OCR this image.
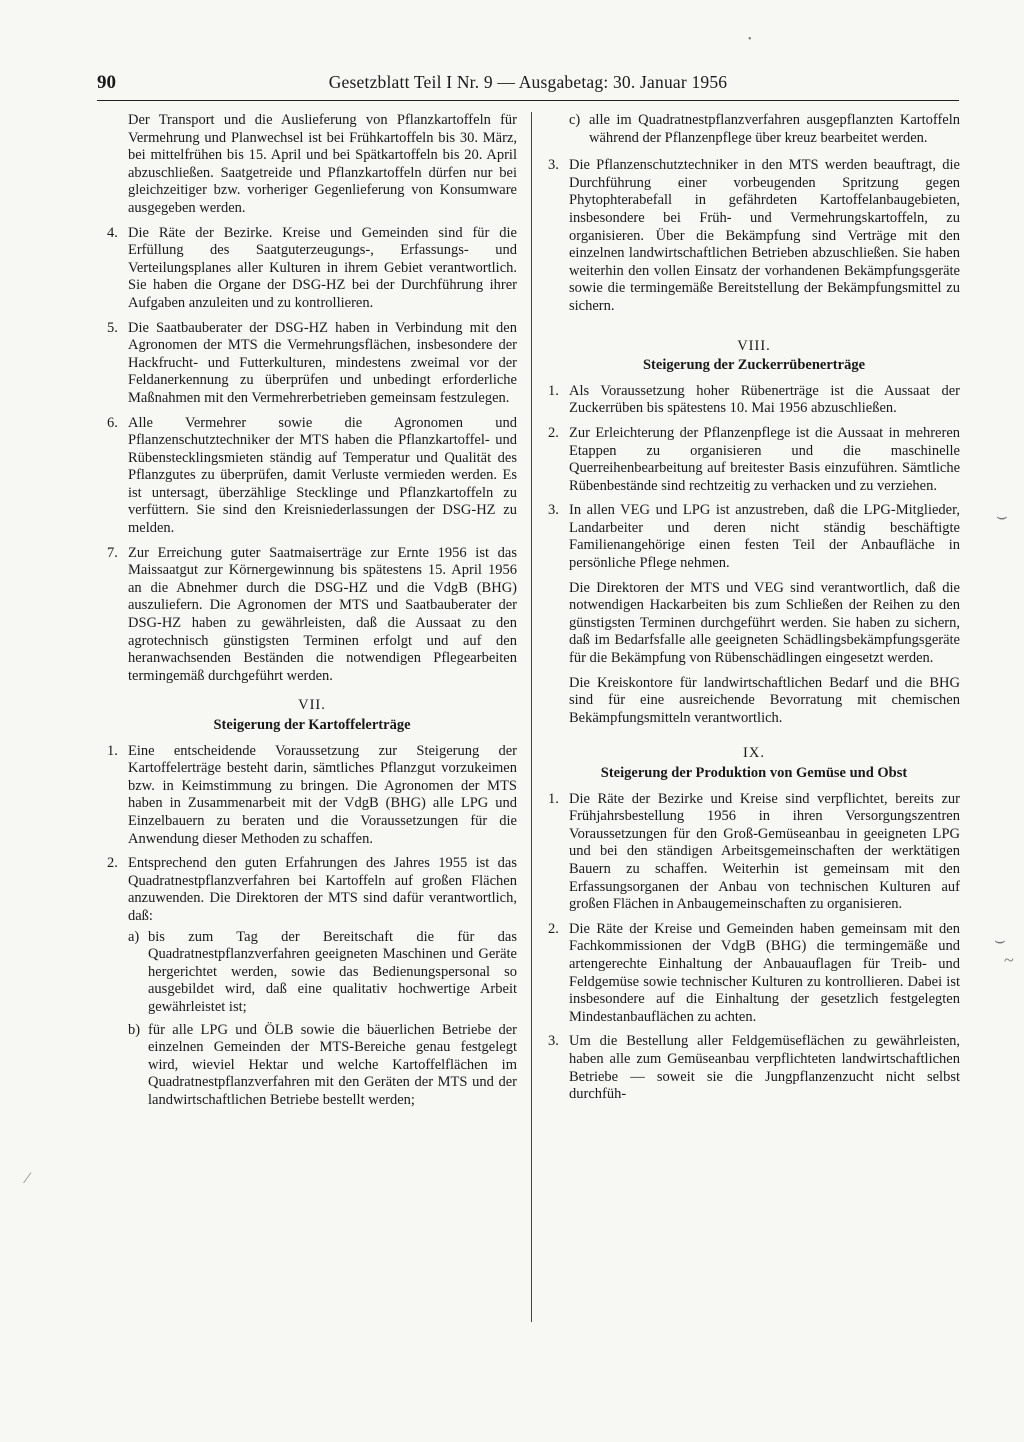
90	Gesetzblatt Teil I Nr. 9 — Ausgabetag: 30. Januar 1956
•
⌣
⌣
~
∕
Der Transport und die Auslieferung von Pflanzkartoffeln für Vermehrung und Planwechsel ist bei Frühkartoffeln bis 30. März, bei mittelfrühen bis 15. April und bei Spätkartoffeln bis 20. April abzuschließen. Saatgetreide und Pflanzkartoffeln dürfen nur bei gleichzeitiger bzw. vorheriger Gegenlieferung von Konsumware ausgegeben werden.
4. Die Räte der Bezirke. Kreise und Gemeinden sind für die Erfüllung des Saatguterzeugungs-, Erfassungs- und Verteilungsplanes aller Kulturen in ihrem Gebiet verantwortlich. Sie haben die Organe der DSG-HZ bei der Durchführung ihrer Aufgaben anzuleiten und zu kontrollieren.
5. Die Saatbauberater der DSG-HZ haben in Verbindung mit den Agronomen der MTS die Vermehrungsflächen, insbesondere der Hackfrucht- und Futterkulturen, mindestens zweimal vor der Feldanerkennung zu überprüfen und unbedingt erforderliche Maßnahmen mit den Vermehrerbetrieben gemeinsam festzulegen.
6. Alle Vermehrer sowie die Agronomen und Pflanzenschutztechniker der MTS haben die Pflanzkartoffel- und Rübenstecklingsmieten ständig auf Temperatur und Qualität des Pflanzgutes zu überprüfen, damit Verluste vermieden werden. Es ist untersagt, überzählige Stecklinge und Pflanzkartoffeln zu verfüttern. Sie sind den Kreisniederlassungen der DSG-HZ zu melden.
7. Zur Erreichung guter Saatmaiserträge zur Ernte 1956 ist das Maissaatgut zur Körnergewinnung bis spätestens 15. April 1956 an die Abnehmer durch die DSG-HZ und die VdgB (BHG) auszuliefern. Die Agronomen der MTS und Saatbauberater der DSG-HZ haben zu gewährleisten, daß die Aussaat zu den agrotechnisch günstigsten Terminen erfolgt und auf den heranwachsenden Beständen die notwendigen Pflegearbeiten termingemäß durchgeführt werden.
VII.
Steigerung der Kartoffelerträge
1. Eine entscheidende Voraussetzung zur Steigerung der Kartoffelerträge besteht darin, sämtliches Pflanzgut vorzukeimen bzw. in Keimstimmung zu bringen. Die Agronomen der MTS haben in Zusammenarbeit mit der VdgB (BHG) alle LPG und Einzelbauern zu beraten und die Voraussetzungen für die Anwendung dieser Methoden zu schaffen.
2. Entsprechend den guten Erfahrungen des Jahres 1955 ist das Quadratnestpflanzverfahren bei Kartoffeln auf großen Flächen anzuwenden. Die Direktoren der MTS sind dafür verantwortlich, daß:
a) bis zum Tag der Bereitschaft die für das Quadratnestpflanzverfahren geeigneten Maschinen und Geräte hergerichtet werden, sowie das Bedienungspersonal so ausgebildet wird, daß eine qualitativ hochwertige Arbeit gewährleistet ist;
b) für alle LPG und ÖLB sowie die bäuerlichen Betriebe der einzelnen Gemeinden der MTS-Bereiche genau festgelegt wird, wieviel Hektar und welche Kartoffelflächen im Quadratnestpflanzverfahren mit den Geräten der MTS und der landwirtschaftlichen Betriebe bestellt werden;
c) alle im Quadratnestpflanzverfahren ausgepflanzten Kartoffeln während der Pflanzenpflege über kreuz bearbeitet werden.
3. Die Pflanzenschutztechniker in den MTS werden beauftragt, die Durchführung einer vorbeugenden Spritzung gegen Phytophterabefall in gefährdeten Kartoffelanbaugebieten, insbesondere bei Früh- und Vermehrungskartoffeln, zu organisieren. Über die Bekämpfung sind Verträge mit den einzelnen landwirtschaftlichen Betrieben abzuschließen. Sie haben weiterhin den vollen Einsatz der vorhandenen Bekämpfungsgeräte sowie die termingemäße Bereitstellung der Bekämpfungsmittel zu sichern.
VIII.
Steigerung der Zuckerrübenerträge
1. Als Voraussetzung hoher Rübenerträge ist die Aussaat der Zuckerrüben bis spätestens 10. Mai 1956 abzuschließen.
2. Zur Erleichterung der Pflanzenpflege ist die Aussaat in mehreren Etappen zu organisieren und die maschinelle Querreihenbearbeitung auf breitester Basis einzuführen. Sämtliche Rübenbestände sind rechtzeitig zu verhacken und zu verziehen.
3. In allen VEG und LPG ist anzustreben, daß die LPG-Mitglieder, Landarbeiter und deren nicht ständig beschäftigte Familienangehörige einen festen Teil der Anbaufläche in persönliche Pflege nehmen.
Die Direktoren der MTS und VEG sind verantwortlich, daß die notwendigen Hackarbeiten bis zum Schließen der Reihen zu den günstigsten Terminen durchgeführt werden. Sie haben zu sichern, daß im Bedarfsfalle alle geeigneten Schädlingsbekämpfungsgeräte für die Bekämpfung von Rübenschädlingen eingesetzt werden.
Die Kreiskontore für landwirtschaftlichen Bedarf und die BHG sind für eine ausreichende Bevorratung mit chemischen Bekämpfungsmitteln verantwortlich.
IX.
Steigerung der Produktion von Gemüse und Obst
1. Die Räte der Bezirke und Kreise sind verpflichtet, bereits zur Frühjahrsbestellung 1956 in ihren Versorgungszentren Voraussetzungen für den Groß-Gemüseanbau in geeigneten LPG und bei den ständigen Arbeitsgemeinschaften der werktätigen Bauern zu schaffen. Weiterhin ist gemeinsam mit den Erfassungsorganen der Anbau von technischen Kulturen auf großen Flächen in Anbaugemeinschaften zu organisieren.
2. Die Räte der Kreise und Gemeinden haben gemeinsam mit den Fachkommissionen der VdgB (BHG) die termingemäße und artengerechte Einhaltung der Anbauauflagen für Treib- und Feldgemüse sowie technischer Kulturen zu kontrollieren. Dabei ist insbesondere auf die Einhaltung der gesetzlich festgelegten Mindestanbauflächen zu achten.
3. Um die Bestellung aller Feldgemüseflächen zu gewährleisten, haben alle zum Gemüseanbau verpflichteten landwirtschaftlichen Betriebe — soweit sie die Jungpflanzenzucht nicht selbst durchfüh-
